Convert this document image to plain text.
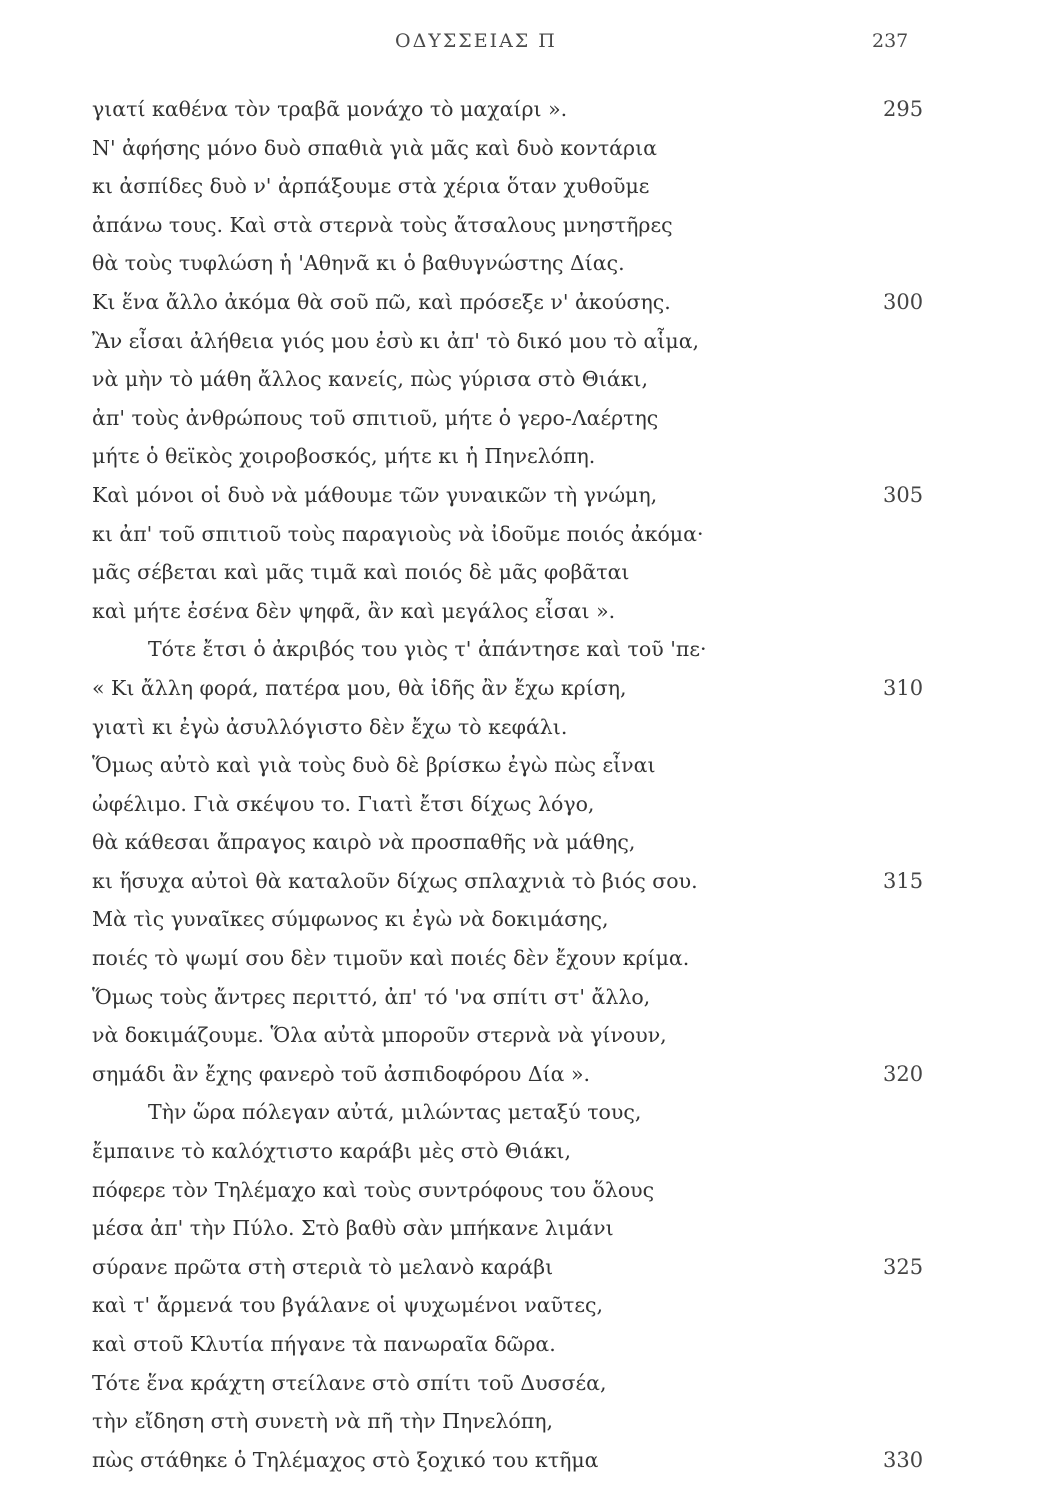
ΟΔΥΣΣΕΙΑΣ Π	237
γιατί καθένα τὸν τραβᾶ μονάχο τὸ μαχαίρι ».	295
Ν' ἀφήσης μόνο δυὸ σπαθιὰ γιὰ μᾶς καὶ δυὸ κοντάρια
κι ἀσπίδες δυὸ ν' ἀρπάξουμε στὰ χέρια ὅταν χυθοῦμε
ἀπάνω τους. Καὶ στὰ στερνὰ τοὺς ἄτσαλους μνηστῆρες
θὰ τοὺς τυφλώση ἡ 'Αθηνᾶ κι ὁ βαθυγνώστης Δίας.
Κι ἕνα ἄλλο ἀκόμα θὰ σοῦ πῶ, καὶ πρόσεξε ν' ἀκούσης.	300
Ἂν εἶσαι ἀλήθεια γιός μου ἐσὺ κι ἀπ' τὸ δικό μου τὸ αἷμα,
νὰ μὴν τὸ μάθη ἄλλος κανείς, πὼς γύρισα στὸ Θιάκι,
ἀπ' τοὺς ἀνθρώπους τοῦ σπιτιοῦ, μήτε ὁ γερο-Λαέρτης
μήτε ὁ θεϊκὸς χοιροβοσκός, μήτε κι ἡ Πηνελόπη.
Καὶ μόνοι οἱ δυὸ νὰ μάθουμε τῶν γυναικῶν τὴ γνώμη,	305
κι ἀπ' τοῦ σπιτιοῦ τοὺς παραγιοὺς νὰ ἰδοῦμε ποιός ἀκόμα·
μᾶς σέβεται καὶ μᾶς τιμᾶ καὶ ποιός δὲ μᾶς φοβᾶται
καὶ μήτε ἐσένα δὲν ψηφᾶ, ἂν καὶ μεγάλος εἶσαι ».
Τότε ἔτσι ὁ ἀκριβός του γιὸς τ' ἀπάντησε καὶ τοῦ 'πε·
« Κι ἄλλη φορά, πατέρα μου, θὰ ἰδῆς ἂν ἔχω κρίση,	310
γιατὶ κι ἐγὼ ἀσυλλόγιστο δὲν ἔχω τὸ κεφάλι.
Ὅμως αὐτὸ καὶ γιὰ τοὺς δυὸ δὲ βρίσκω ἐγὼ πὼς εἶναι
ὠφέλιμο. Γιὰ σκέψου το. Γιατὶ ἔτσι δίχως λόγο,
θὰ κάθεσαι ἄπραγος καιρὸ νὰ προσπαθῆς νὰ μάθης,
κι ἥσυχα αὐτοὶ θὰ καταλοῦν δίχως σπλαχνιὰ τὸ βιός σου.	315
Μὰ τὶς γυναῖκες σύμφωνος κι ἐγὼ νὰ δοκιμάσης,
ποιές τὸ ψωμί σου δὲν τιμοῦν καὶ ποιές δὲν ἔχουν κρίμα.
Ὅμως τοὺς ἄντρες περιττό, ἀπ' τό 'να σπίτι στ' ἄλλο,
νὰ δοκιμάζουμε. Ὅλα αὐτὰ μποροῦν στερνὰ νὰ γίνουν,
σημάδι ἂν ἔχης φανερὸ τοῦ ἀσπιδοφόρου Δία ».	320
Τὴν ὥρα πόλεγαν αὐτά, μιλώντας μεταξύ τους,
ἔμπαινε τὸ καλόχτιστο καράβι μὲς στὸ Θιάκι,
πόφερε τὸν Τηλέμαχο καὶ τοὺς συντρόφους του ὅλους
μέσα ἀπ' τὴν Πύλο. Στὸ βαθὺ σὰν μπήκανε λιμάνι
σύρανε πρῶτα στὴ στεριὰ τὸ μελανὸ καράβι	325
καὶ τ' ἄρμενά του βγάλανε οἱ ψυχωμένοι ναῦτες,
καὶ στοῦ Κλυτία πήγανε τὰ πανωραῖα δῶρα.
Τότε ἕνα κράχτη στείλανε στὸ σπίτι τοῦ Δυσσέα,
τὴν εἴδηση στὴ συνετὴ νὰ πῆ τὴν Πηνελόπη,
πὼς στάθηκε ὁ Τηλέμαχος στὸ ξοχικό του κτῆμα	330
